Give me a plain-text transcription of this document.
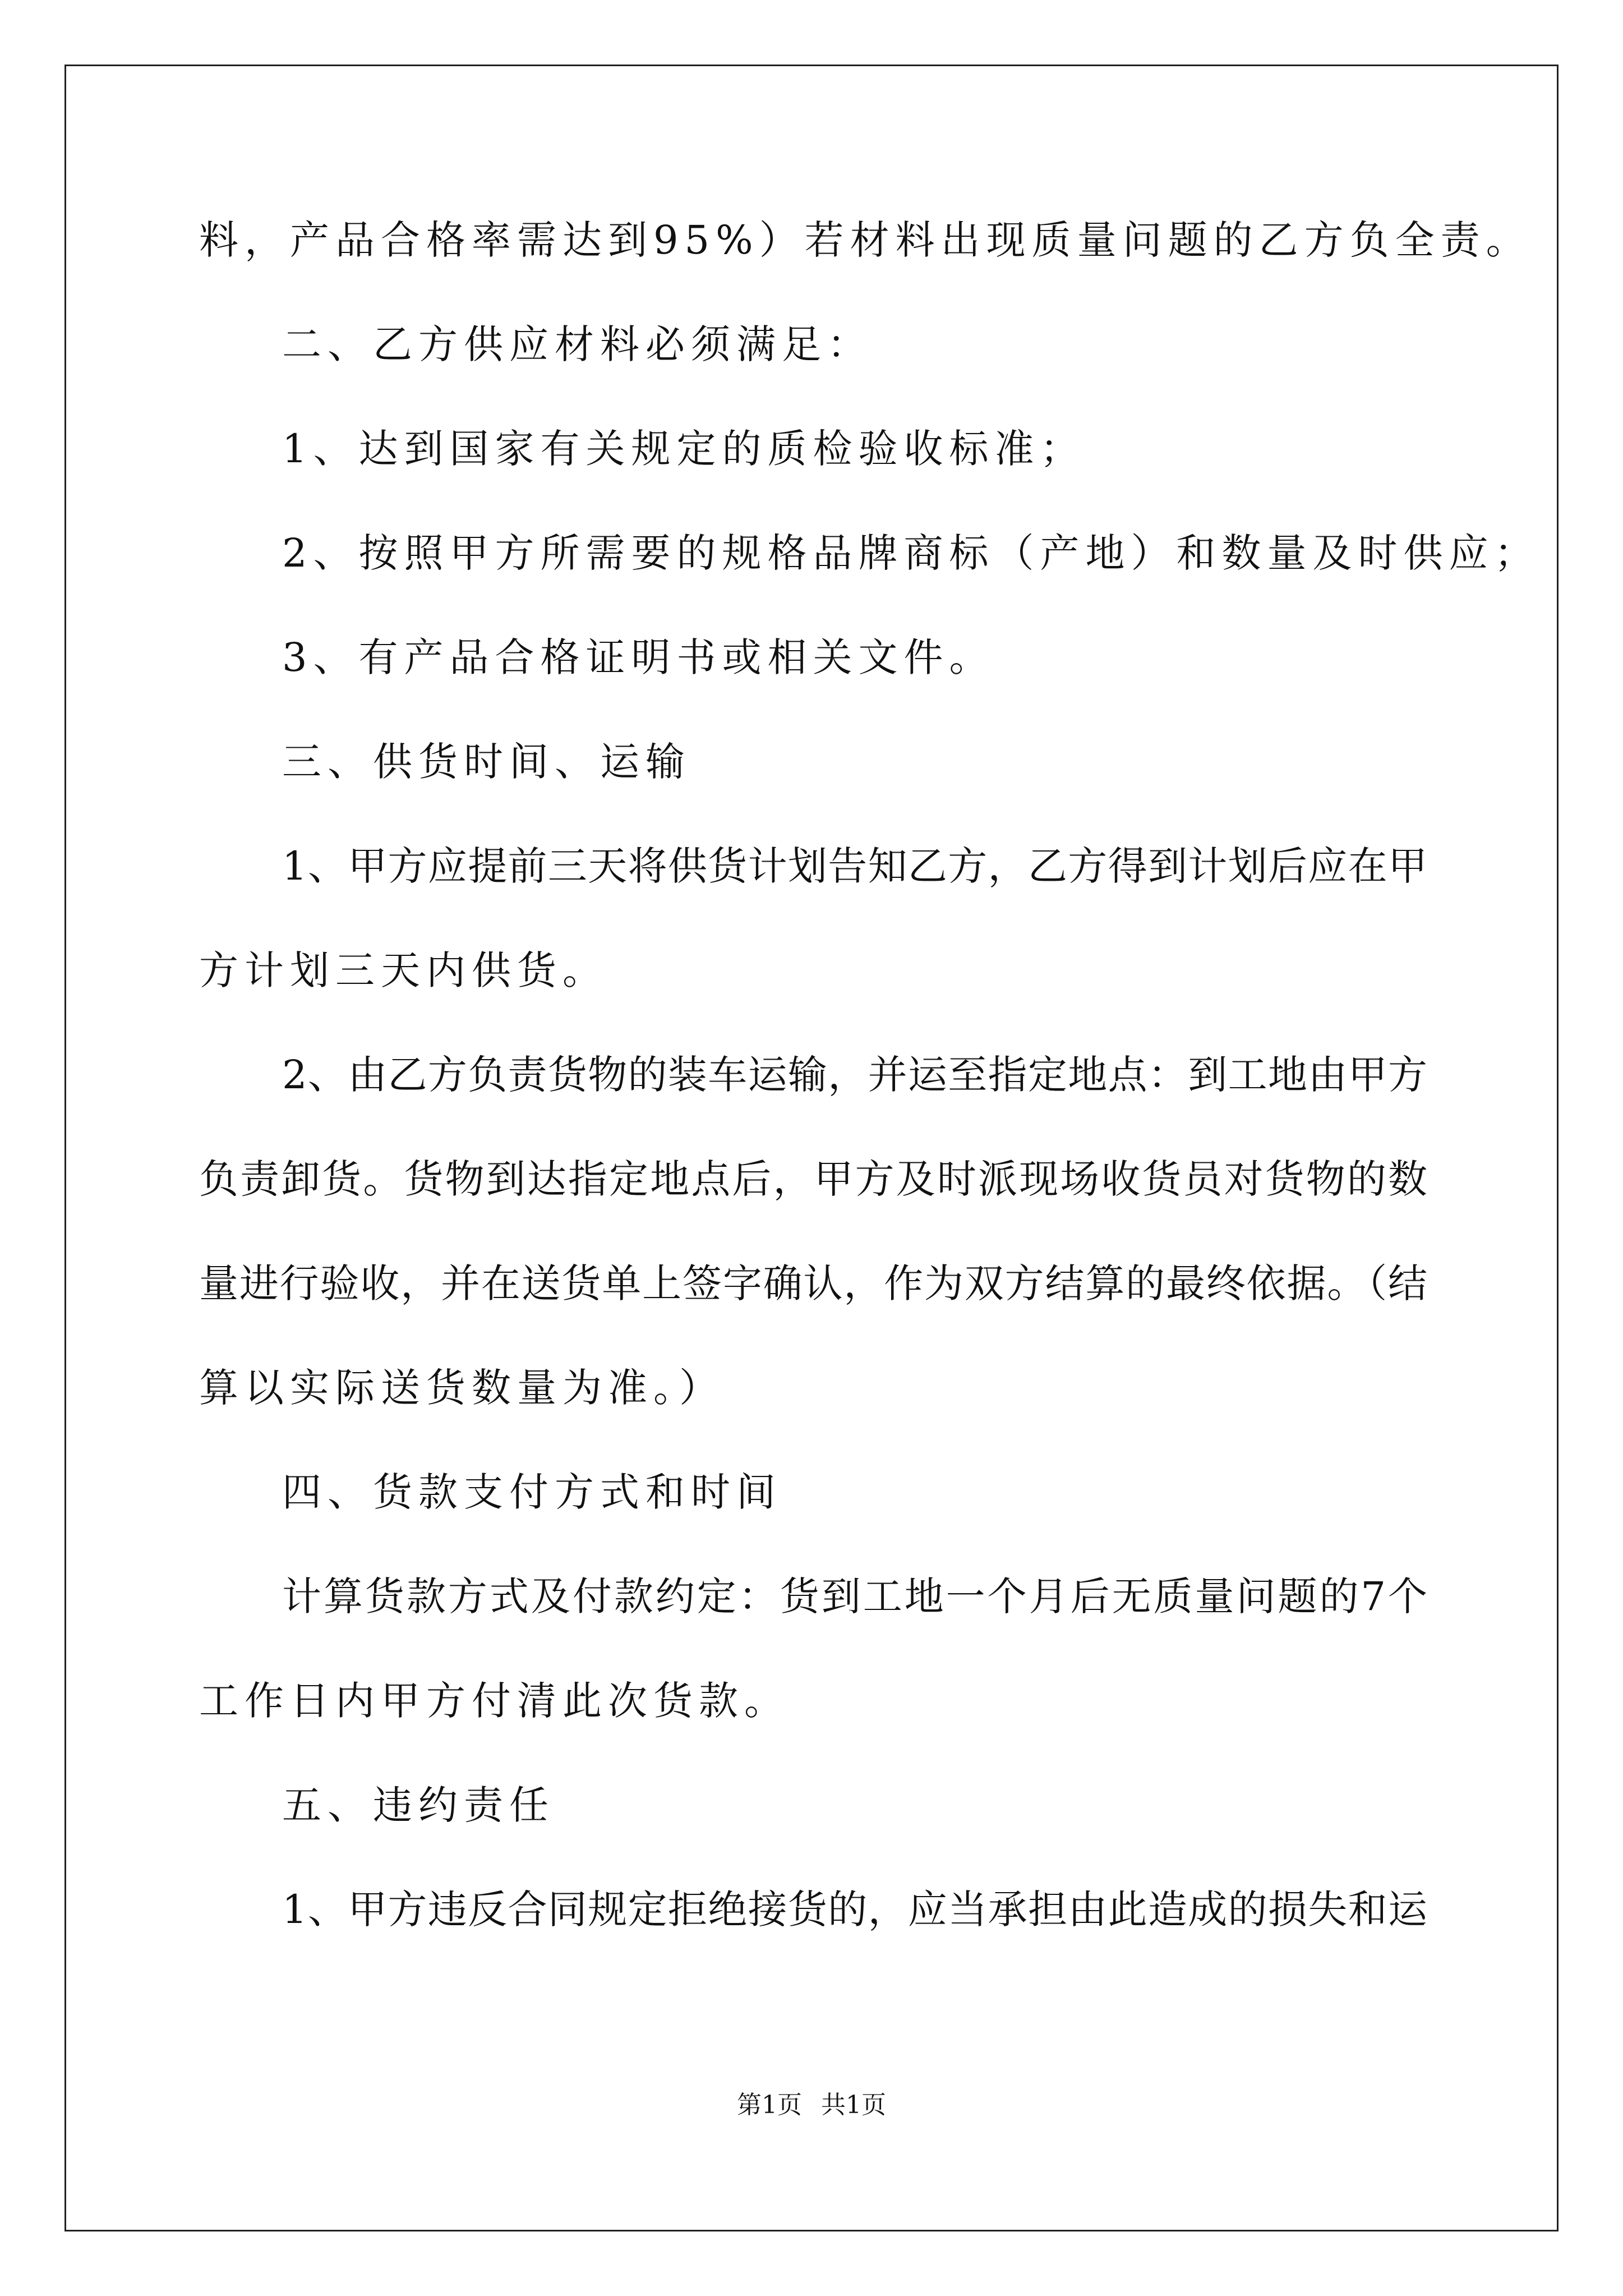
料，产品合格率需达到95%）若材料出现质量问题的乙方负全责。
二、乙方供应材料必须满足：
1、达到国家有关规定的质检验收标准；
2、按照甲方所需要的规格品牌商标（产地）和数量及时供应；
3、有产品合格证明书或相关文件。
三、供货时间、运输
1、甲方应提前三天将供货计划告知乙方，乙方得到计划后应在甲
方计划三天内供货。
2、由乙方负责货物的装车运输，并运至指定地点：到工地由甲方
负责卸货。货物到达指定地点后，甲方及时派现场收货员对货物的数
量进行验收，并在送货单上签字确认，作为双方结算的最终依据。（结
算以实际送货数量为准。）
四、货款支付方式和时间
计算货款方式及付款约定：货到工地一个月后无质量问题的7个
工作日内甲方付清此次货款。
五、违约责任
1、甲方违反合同规定拒绝接货的，应当承担由此造成的损失和运
第1页 共1页
